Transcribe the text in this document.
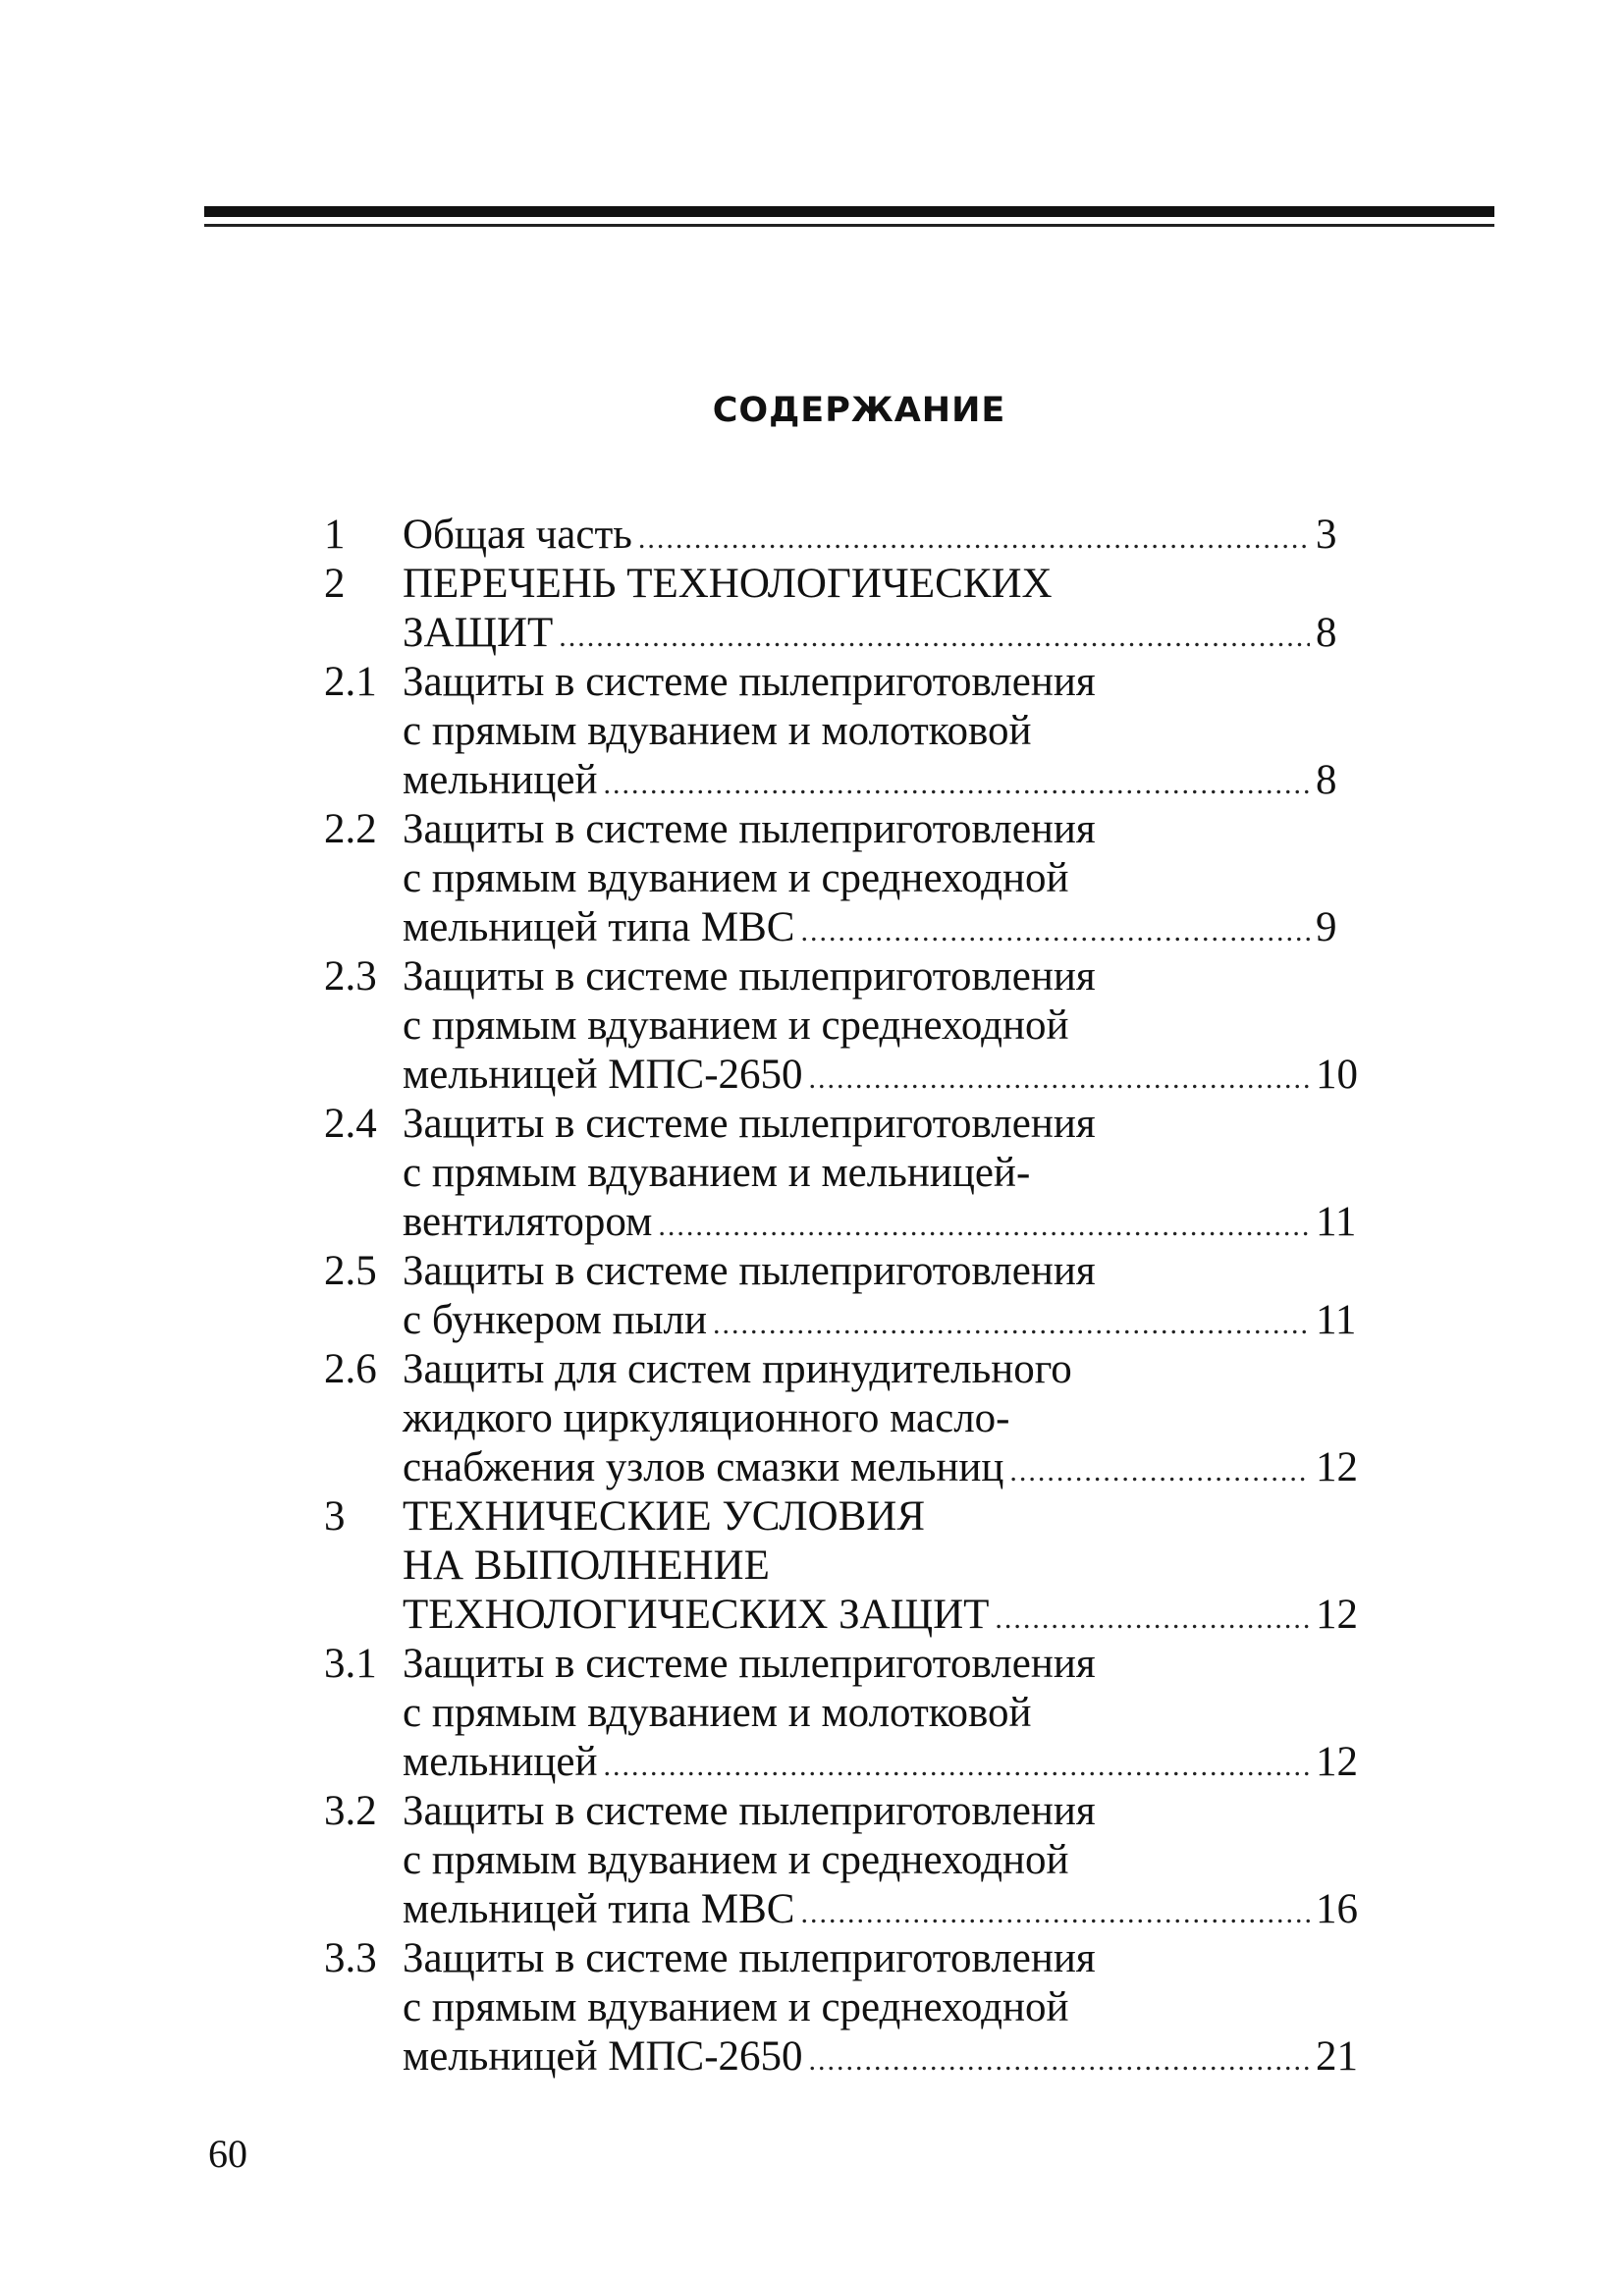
СОДЕРЖАНИЕ
1 Общая часть .....	3
2 ПЕРЕЧЕНЬ ТЕХНОЛОГИЧЕСКИХ
ЗАЩИТ .....	8
2.1 Защиты в системе пылеприготовления
с прямым вдуванием и молотковой
мельницей .....	8
2.2 Защиты в системе пылеприготовления
с прямым вдуванием и среднеходной
мельницей типа МВС .....	9
2.3 Защиты в системе пылеприготовления
с прямым вдуванием и среднеходной
мельницей МПС-2650 .....	10
2.4 Защиты в системе пылеприготовления
с прямым вдуванием и мельницей-
вентилятором .....	11
2.5 Защиты в системе пылеприготовления
с бункером пыли .....	11
2.6 Защиты для систем принудительного
жидкого циркуляционного масло-
снабжения узлов смазки мельниц .....	12
3 ТЕХНИЧЕСКИЕ УСЛОВИЯ
НА ВЫПОЛНЕНИЕ
ТЕХНОЛОГИЧЕСКИХ ЗАЩИТ .....	12
3.1 Защиты в системе пылеприготовления
с прямым вдуванием и молотковой
мельницей .....	12
3.2 Защиты в системе пылеприготовления
с прямым вдуванием и среднеходной
мельницей типа МВС .....	16
3.3 Защиты в системе пылеприготовления
с прямым вдуванием и среднеходной
мельницей МПС-2650 .....	21
60
